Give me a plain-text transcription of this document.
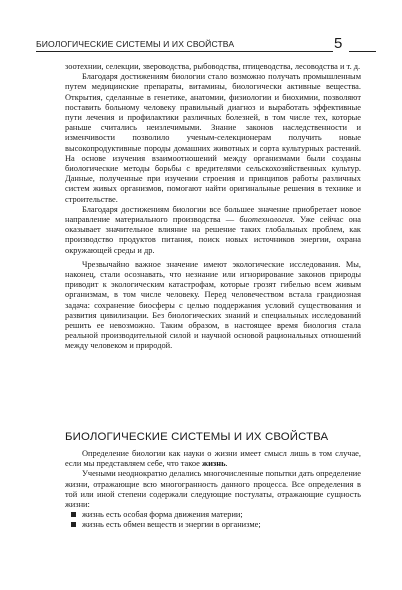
БИОЛОГИЧЕСКИЕ СИСТЕМЫ И ИХ СВОЙСТВА	5

зоотехнии, селекции, звероводства, рыбоводства, птицеводства, лесоводства и т. д.

Благодаря достижениям биологии стало возможно получать промышленным путем медицинские препараты, витамины, биологически активные вещества. Открытия, сделанные в генетике, анатомии, физиологии и биохимии, позволяют поставить больному человеку правильный диагноз и выработать эффективные пути лечения и профилактики различных болезней, в том числе тех, которые раньше считались неизлечимыми. Знание законов наследственности и изменчивости позволило ученым-селекционерам получить новые высокопродуктивные породы домашних животных и сорта культурных растений. На основе изучения взаимоотношений между организмами были созданы биологические методы борьбы с вредителями сельскохозяйственных культур. Данные, полученные при изучении строения и принципов работы различных систем живых организмов, помогают найти оригинальные решения в технике и строительстве.

Благодаря достижениям биологии все большее значение приобретает новое направление материального производства — биотехнология. Уже сейчас она оказывает значительное влияние на решение таких глобальных проблем, как производство продуктов питания, поиск новых источников энергии, охрана окружающей среды и др.

Чрезвычайно важное значение имеют экологические исследования. Мы, наконец, стали осознавать, что незнание или игнорирование законов природы приводит к экологическим катастрофам, которые грозят гибелью всем живым организмам, в том числе человеку. Перед человечеством встала грандиозная задача: сохранение биосферы с целью поддержания условий существования и развития цивилизации. Без биологических знаний и специальных исследований решить ее невозможно. Таким образом, в настоящее время биология стала реальной производительной силой и научной основой рациональных отношений между человеком и природой.

БИОЛОГИЧЕСКИЕ СИСТЕМЫ И ИХ СВОЙСТВА

Определение биологии как науки о жизни имеет смысл лишь в том случае, если мы представляем себе, что такое жизнь.

Учеными неоднократно делались многочисленные попытки дать определение жизни, отражающие всю многогранность данного процесса. Все определения в той или иной степени содержали следующие постулаты, отражающие сущность жизни:

жизнь есть особая форма движения материи;
жизнь есть обмен веществ и энергии в организме;
